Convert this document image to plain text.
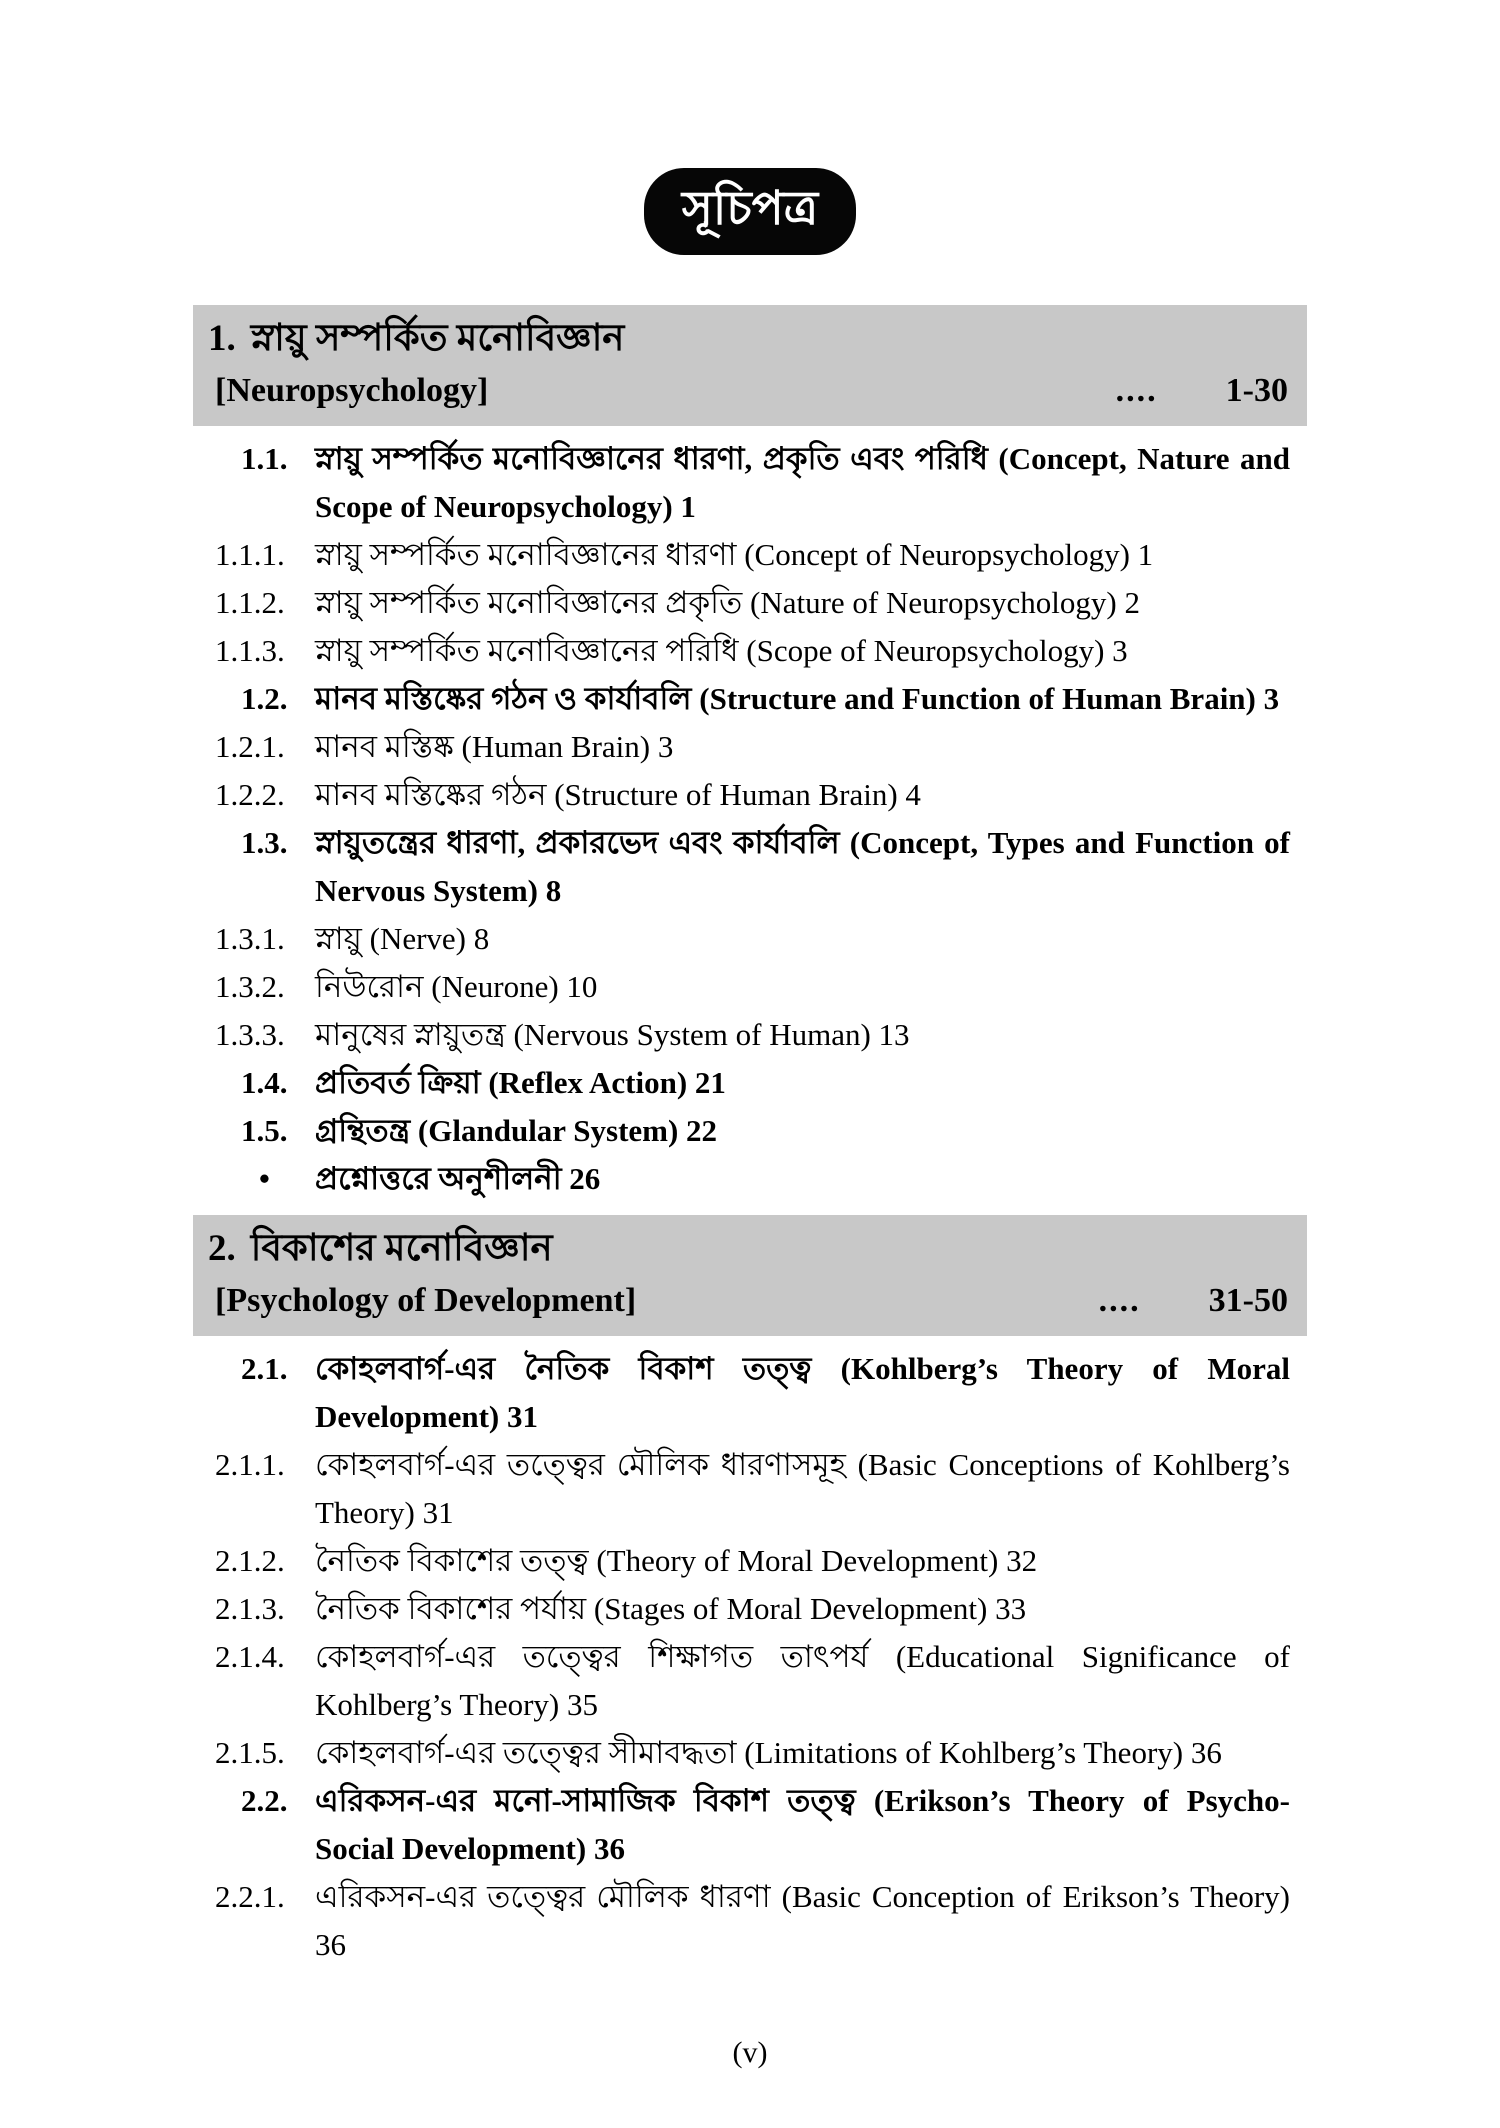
সূচিপত্র
1. স্নায়ু সম্পর্কিত মনোবিজ্ঞান
[Neuropsychology]	.... 1-30
1.1. স্নায়ু সম্পর্কিত মনোবিজ্ঞানের ধারণা, প্রকৃতি এবং পরিধি (Concept, Nature and Scope of Neuropsychology) 1
1.1.1. স্নায়ু সম্পর্কিত মনোবিজ্ঞানের ধারণা (Concept of Neuropsychology) 1
1.1.2. স্নায়ু সম্পর্কিত মনোবিজ্ঞানের প্রকৃতি (Nature of Neuropsychology) 2
1.1.3. স্নায়ু সম্পর্কিত মনোবিজ্ঞানের পরিধি (Scope of Neuropsychology) 3
1.2. মানব মস্তিষ্কের গঠন ও কার্যাবলি (Structure and Function of Human Brain) 3
1.2.1. মানব মস্তিষ্ক (Human Brain) 3
1.2.2. মানব মস্তিষ্কের গঠন (Structure of Human Brain) 4
1.3. স্নায়ুতন্ত্রের ধারণা, প্রকারভেদ এবং কার্যাবলি (Concept, Types and Function of Nervous System) 8
1.3.1. স্নায়ু (Nerve) 8
1.3.2. নিউরোন (Neurone) 10
1.3.3. মানুষের স্নায়ুতন্ত্র (Nervous System of Human) 13
1.4. প্রতিবর্ত ক্রিয়া (Reflex Action) 21
1.5. গ্রন্থিতন্ত্র (Glandular System) 22
•	প্রশ্নোত্তরে অনুশীলনী 26
2. বিকাশের মনোবিজ্ঞান
[Psychology of Development]	.... 31-50
2.1. কোহলবার্গ-এর নৈতিক বিকাশ তত্ত্ব (Kohlberg’s Theory of Moral Development) 31
2.1.1. কোহলবার্গ-এর তত্ত্বের মৌলিক ধারণাসমূহ (Basic Conceptions of Kohlberg’s Theory) 31
2.1.2. নৈতিক বিকাশের তত্ত্ব (Theory of Moral Development) 32
2.1.3. নৈতিক বিকাশের পর্যায় (Stages of Moral Development) 33
2.1.4. কোহলবার্গ-এর তত্ত্বের শিক্ষাগত তাৎপর্য (Educational Significance of Kohlberg’s Theory) 35
2.1.5. কোহলবার্গ-এর তত্ত্বের সীমাবদ্ধতা (Limitations of Kohlberg’s Theory) 36
2.2. এরিকসন-এর মনো-সামাজিক বিকাশ তত্ত্ব (Erikson’s Theory of Psycho-Social Development) 36
2.2.1. এরিকসন-এর তত্ত্বের মৌলিক ধারণা (Basic Conception of Erikson’s Theory) 36
(v)
